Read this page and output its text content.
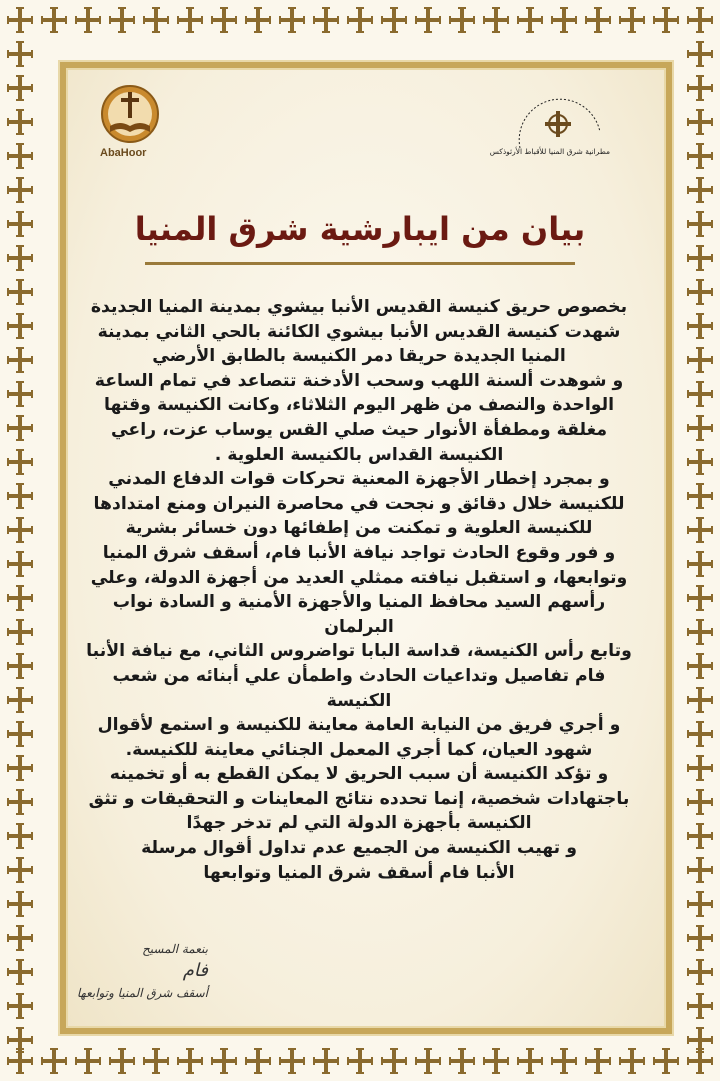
AbaHoor	مطرانية شرق المنيا للأقباط الأرثوذكس
بيان من ايبارشية شرق المنيا

بخصوص حريق كنيسة القديس الأنبا بيشوي بمدينة المنيا الجديدة

شهدت كنيسة القديس الأنبا بيشوي الكائنة بالحي الثاني بمدينة المنيا الجديدة حريقا دمر الكنيسة بالطابق الأرضي

و شوهدت ألسنة اللهب وسحب الأدخنة تتصاعد في تمام الساعة الواحدة والنصف من ظهر اليوم الثلاثاء، وكانت الكنيسة وقتها مغلقة ومطفأة الأنوار حيث صلي القس يوساب عزت، راعي الكنيسة القداس بالكنيسة العلوية .

و بمجرد إخطار الأجهزة المعنية تحركات قوات الدفاع المدني للكنيسة خلال دقائق و نجحت في محاصرة النيران ومنع امتدادها للكنيسة العلوية و تمكنت من إطفائها دون خسائر بشرية

و فور وقوع الحادث تواجد نيافة الأنبا فام، أسقف شرق المنيا وتوابعها، و استقبل نيافته ممثلي العديد من أجهزة الدولة، وعلي رأسهم السيد محافظ المنيا والأجهزة الأمنية و السادة نواب البرلمان

وتابع رأس الكنيسة، قداسة البابا تواضروس الثاني، مع نيافة الأنبا فام تفاصيل وتداعيات الحادث واطمأن علي أبنائه من شعب الكنيسة

و أجري فريق من النيابة العامة معاينة للكنيسة و استمع لأقوال شهود العيان، كما أجري المعمل الجنائي معاينة للكنيسة.

و تؤكد الكنيسة أن سبب الحريق لا يمكن القطع به أو تخمينه باجتهادات شخصية، إنما تحدده نتائج المعاينات و التحقيقات و تثق الكنيسة بأجهزة الدولة التي لم تدخر جهدًا

و تهيب الكنيسة من الجميع عدم تداول أقوال مرسلة

الأنبا فام أسقف شرق المنيا وتوابعها

بنعمة المسيح
فام
أسقف شرق المنيا وتوابعها
